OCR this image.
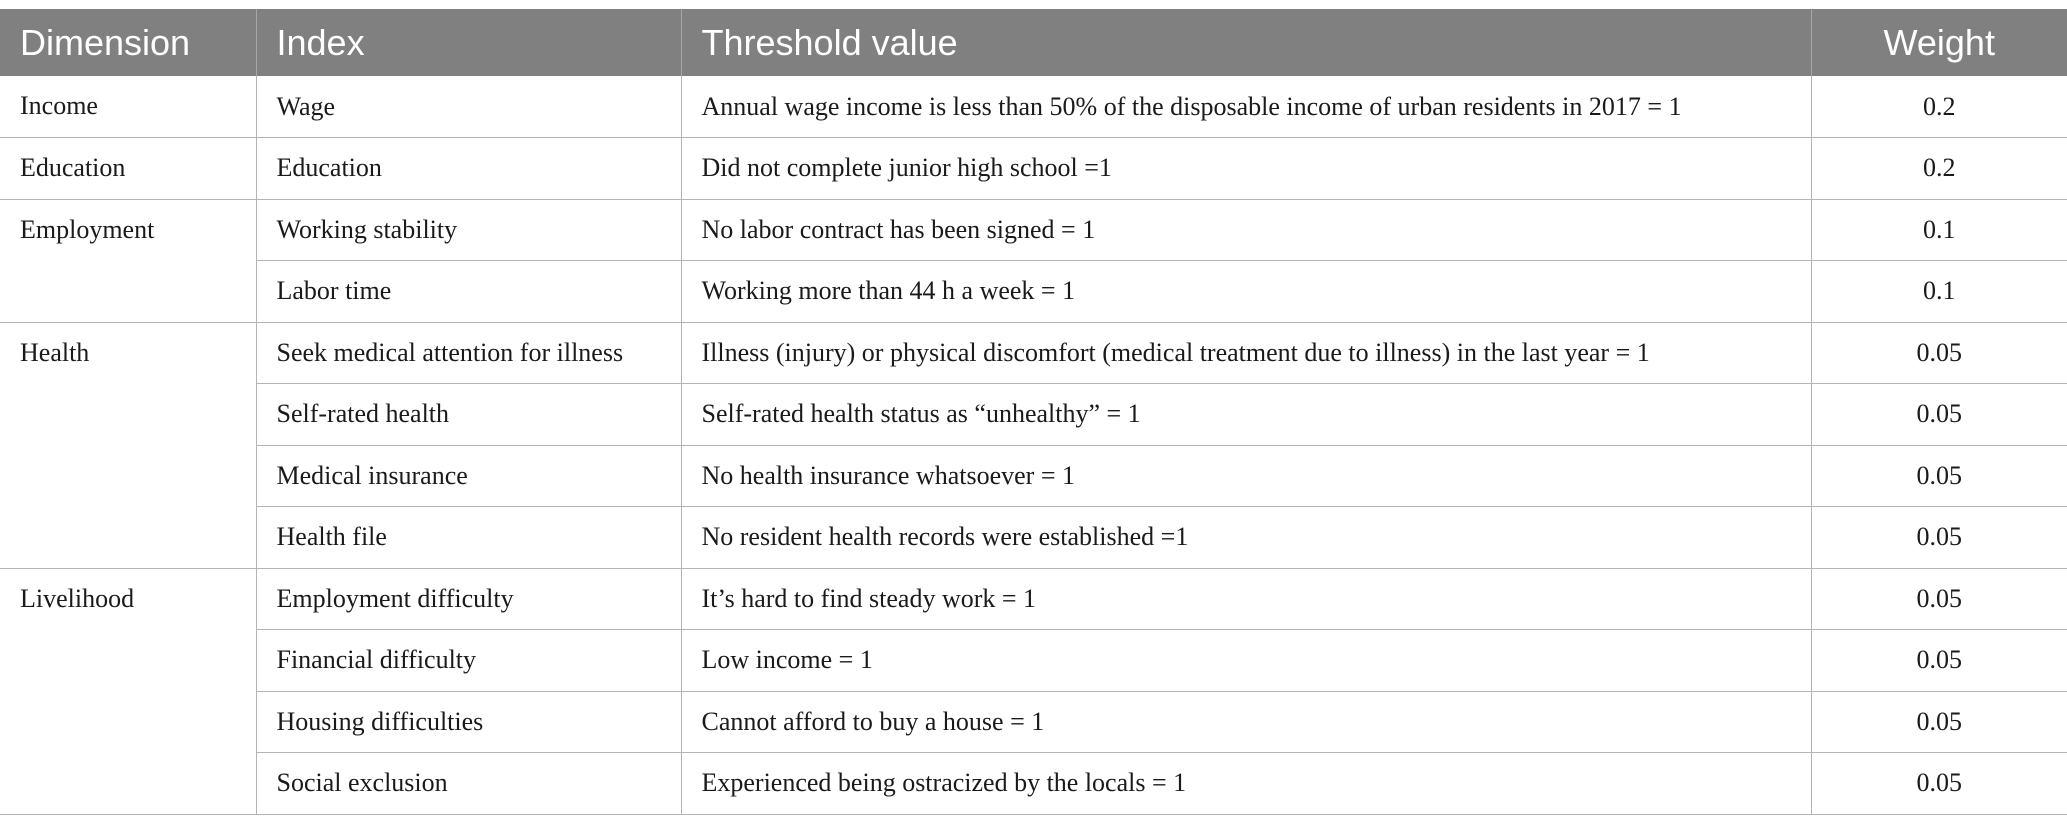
Dimension	Index	Threshold value	Weight
Income	Wage	Annual wage income is less than 50% of the disposable income of urban residents in 2017 = 1	0.2
Education	Education	Did not complete junior high school =1	0.2
Employment	Working stability	No labor contract has been signed = 1	0.1
	Labor time	Working more than 44 h a week = 1	0.1
Health	Seek medical attention for illness	Illness (injury) or physical discomfort (medical treatment due to illness) in the last year = 1	0.05
	Self-rated health	Self-rated health status as “unhealthy” = 1	0.05
	Medical insurance	No health insurance whatsoever = 1	0.05
	Health file	No resident health records were established =1	0.05
Livelihood	Employment difficulty	It’s hard to find steady work = 1	0.05
	Financial difficulty	Low income = 1	0.05
	Housing difficulties	Cannot afford to buy a house = 1	0.05
	Social exclusion	Experienced being ostracized by the locals = 1	0.05
